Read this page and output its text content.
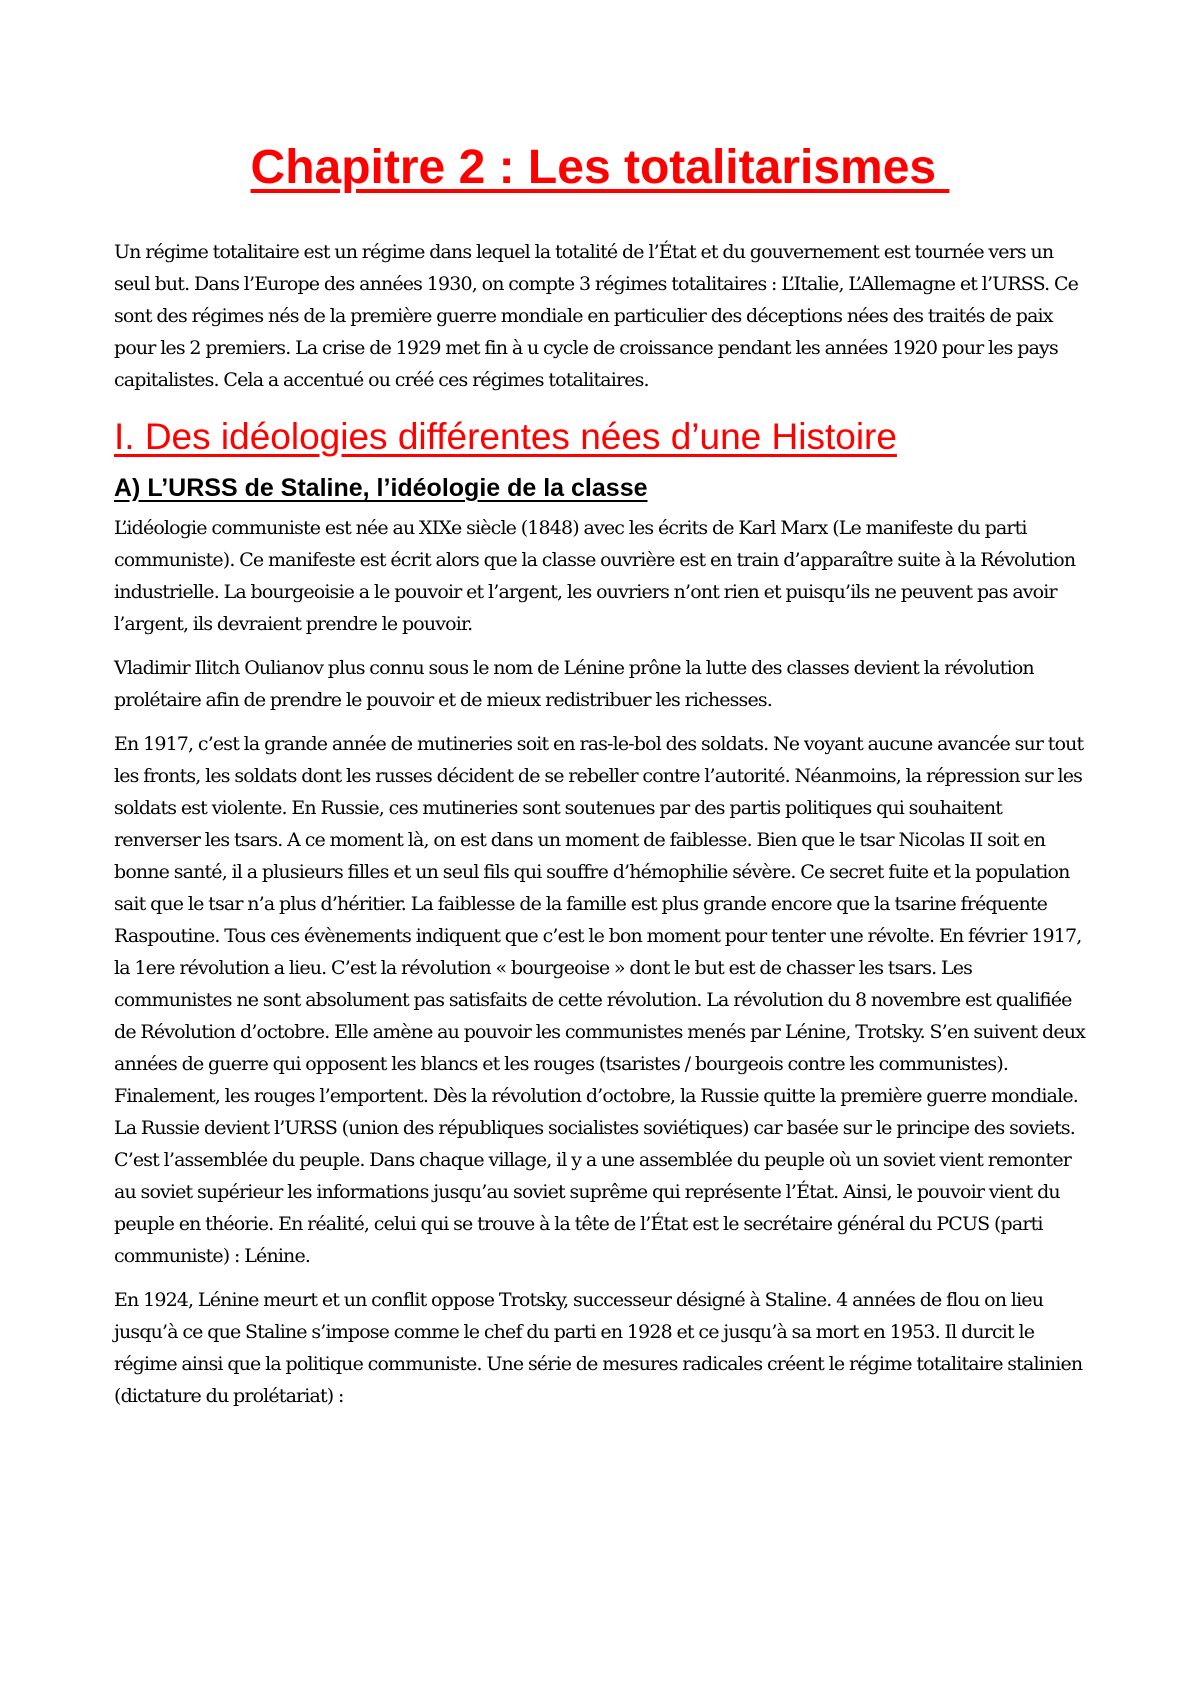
Chapitre 2 : Les totalitarismes

Un régime totalitaire est un régime dans lequel la totalité de l’État et du gouvernement est tournée vers un seul but. Dans l’Europe des années 1930, on compte 3 régimes totalitaires : L’Italie, L’Allemagne et l’URSS. Ce sont des régimes nés de la première guerre mondiale en particulier des déceptions nées des traités de paix pour les 2 premiers. La crise de 1929 met fin à u cycle de croissance pendant les années 1920 pour les pays capitalistes. Cela a accentué ou créé ces régimes totalitaires.

I. Des idéologies différentes nées d’une Histoire
A) L’URSS de Staline, l’idéologie de la classe

L’idéologie communiste est née au XIXe siècle (1848) avec les écrits de Karl Marx (Le manifeste du parti communiste). Ce manifeste est écrit alors que la classe ouvrière est en train d’apparaître suite à la Révolution industrielle. La bourgeoisie a le pouvoir et l’argent, les ouvriers n’ont rien et puisqu’ils ne peuvent pas avoir l’argent, ils devraient prendre le pouvoir.

Vladimir Ilitch Oulianov plus connu sous le nom de Lénine prône la lutte des classes devient la révolution prolétaire afin de prendre le pouvoir et de mieux redistribuer les richesses.

En 1917, c’est la grande année de mutineries soit en ras-le-bol des soldats. Ne voyant aucune avancée sur tout les fronts, les soldats dont les russes décident de se rebeller contre l’autorité. Néanmoins, la répression sur les soldats est violente. En Russie, ces mutineries sont soutenues par des partis politiques qui souhaitent renverser les tsars. A ce moment là, on est dans un moment de faiblesse. Bien que le tsar Nicolas II soit en bonne santé, il a plusieurs filles et un seul fils qui souffre d’hémophilie sévère. Ce secret fuite et la population sait que le tsar n’a plus d’héritier. La faiblesse de la famille est plus grande encore que la tsarine fréquente Raspoutine. Tous ces évènements indiquent que c’est le bon moment pour tenter une révolte. En février 1917, la 1ere révolution a lieu. C’est la révolution « bourgeoise » dont le but est de chasser les tsars. Les communistes ne sont absolument pas satisfaits de cette révolution. La révolution du 8 novembre est qualifiée de Révolution d’octobre. Elle amène au pouvoir les communistes menés par Lénine, Trotsky. S’en suivent deux années de guerre qui opposent les blancs et les rouges (tsaristes / bourgeois contre les communistes). Finalement, les rouges l’emportent. Dès la révolution d’octobre, la Russie quitte la première guerre mondiale. La Russie devient l’URSS (union des républiques socialistes soviétiques) car basée sur le principe des soviets. C’est l’assemblée du peuple. Dans chaque village, il y a une assemblée du peuple où un soviet vient remonter au soviet supérieur les informations jusqu’au soviet suprême qui représente l’État. Ainsi, le pouvoir vient du peuple en théorie. En réalité, celui qui se trouve à la tête de l’État est le secrétaire général du PCUS (parti communiste) : Lénine.

En 1924, Lénine meurt et un conflit oppose Trotsky, successeur désigné à Staline. 4 années de flou on lieu jusqu’à ce que Staline s’impose comme le chef du parti en 1928 et ce jusqu’à sa mort en 1953. Il durcit le régime ainsi que la politique communiste. Une série de mesures radicales créent le régime totalitaire stalinien (dictature du prolétariat) :
